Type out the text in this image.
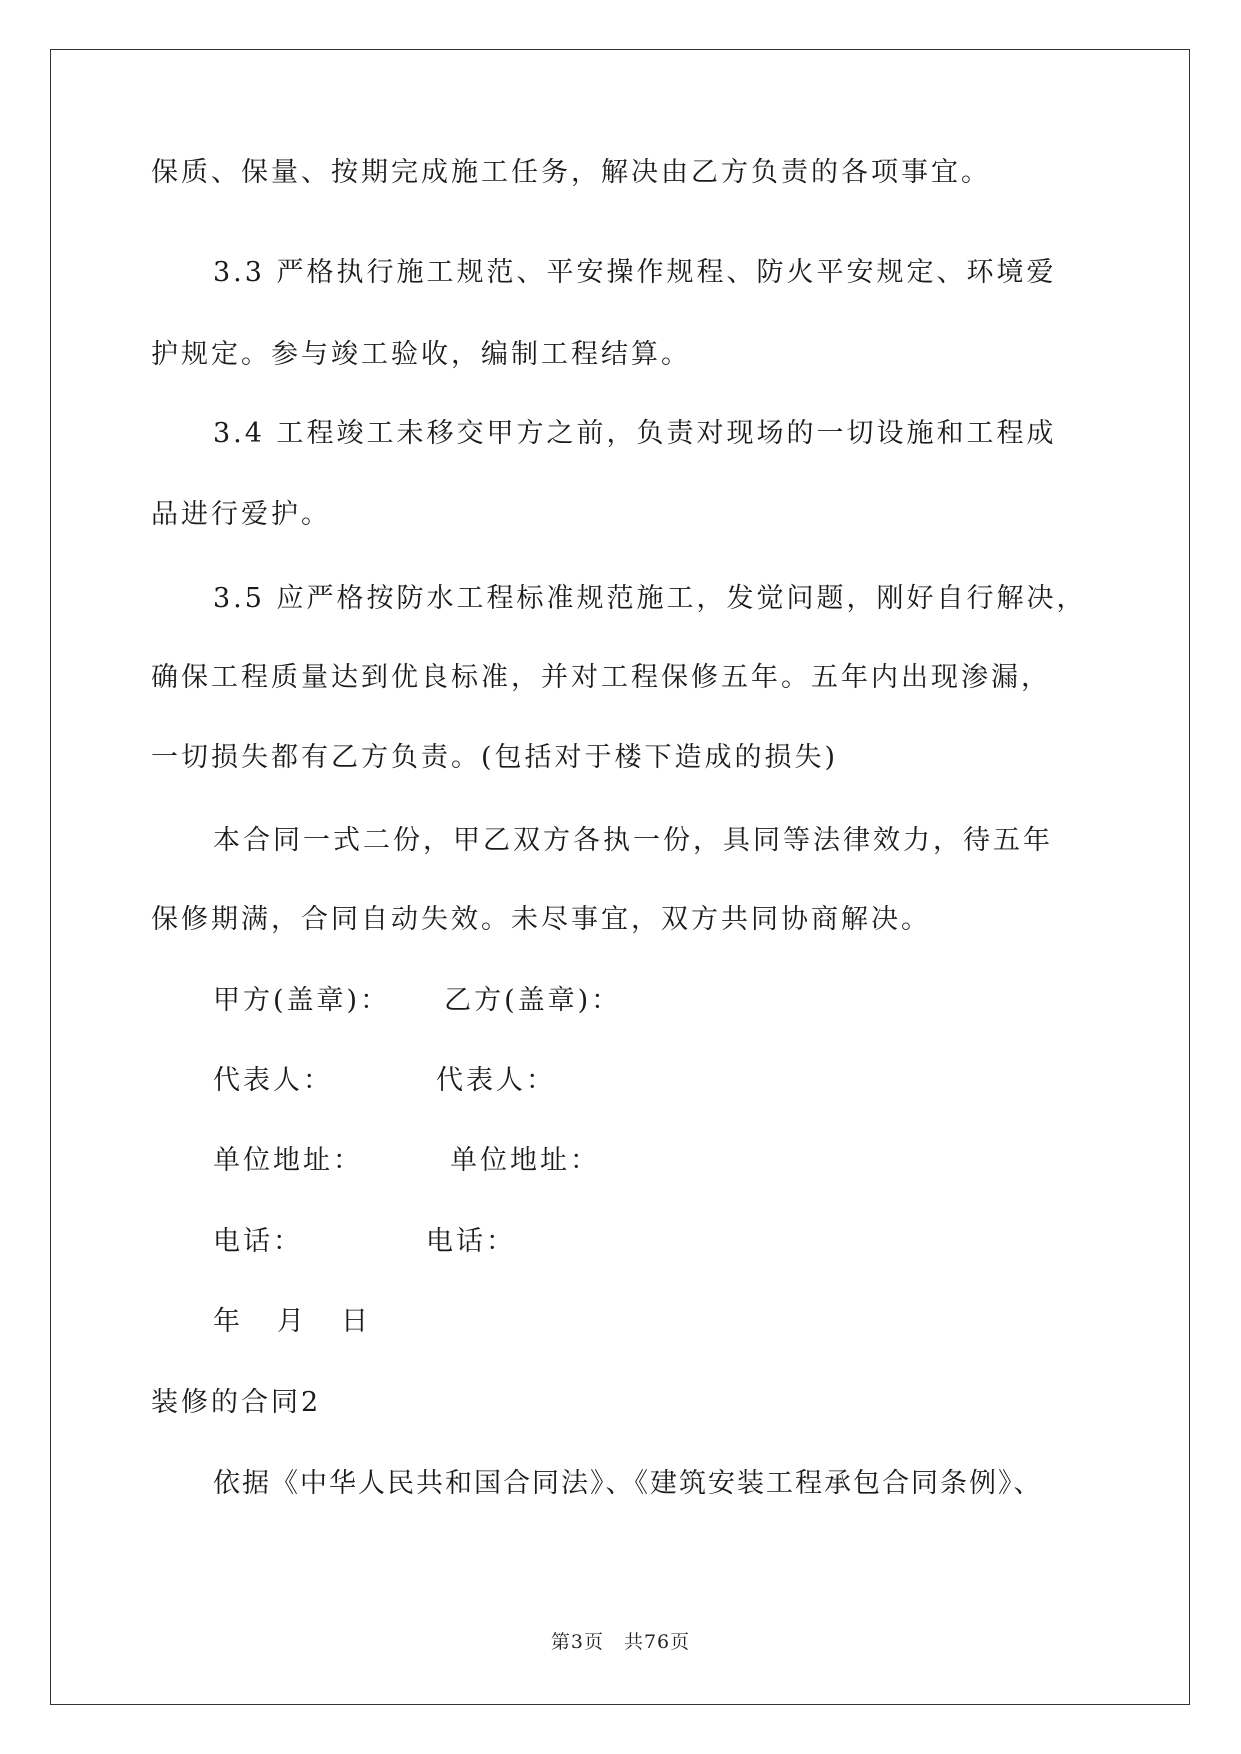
保质、保量、按期完成施工任务，解决由乙方负责的各项事宜。
3.3 严格执行施工规范、平安操作规程、防火平安规定、环境爱
护规定。参与竣工验收，编制工程结算。
3.4 工程竣工未移交甲方之前，负责对现场的一切设施和工程成
品进行爱护。
3.5 应严格按防水工程标准规范施工，发觉问题，刚好自行解决，
确保工程质量达到优良标准，并对工程保修五年。五年内出现渗漏，
一切损失都有乙方负责。(包括对于楼下造成的损失)
本合同一式二份，甲乙双方各执一份，具同等法律效力，待五年
保修期满，合同自动失效。未尽事宜，双方共同协商解决。
甲方(盖章)： 乙方(盖章)：
代表人：	代表人：
单位地址：	单位地址：
电话：	电话：
年 月 日
装修的合同2
依据《中华人民共和国合同法》、《建筑安装工程承包合同条例》、
第3页　共76页
